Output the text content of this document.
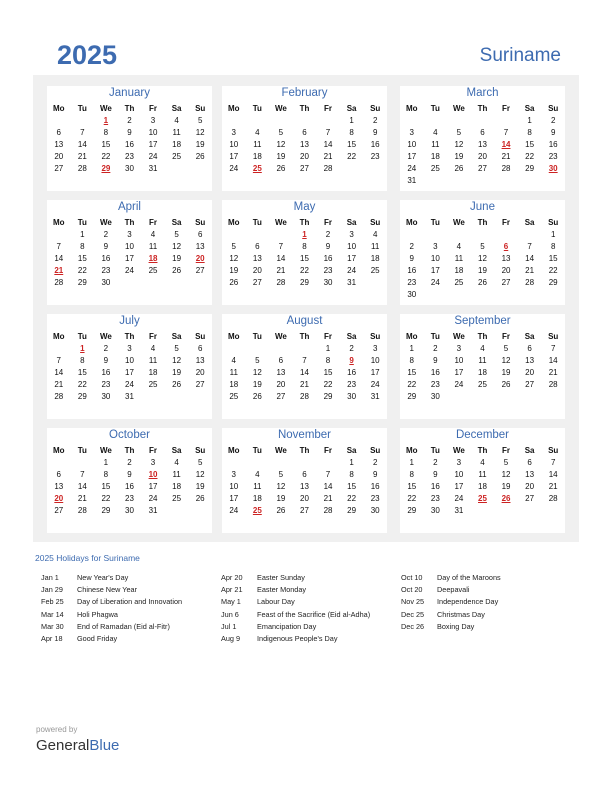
2025	Suriname
January
Mo	Tu	We	Th	Fr	Sa	Su
		1	2	3	4	5
6	7	8	9	10	11	12
13	14	15	16	17	18	19
20	21	22	23	24	25	26
27	28	29	30	31		
February
Mo	Tu	We	Th	Fr	Sa	Su
					1	2
3	4	5	6	7	8	9
10	11	12	13	14	15	16
17	18	19	20	21	22	23
24	25	26	27	28		
March
Mo	Tu	We	Th	Fr	Sa	Su
					1	2
3	4	5	6	7	8	9
10	11	12	13	14	15	16
17	18	19	20	21	22	23
24	25	26	27	28	29	30
31						
April
Mo	Tu	We	Th	Fr	Sa	Su
	1	2	3	4	5	6
7	8	9	10	11	12	13
14	15	16	17	18	19	20
21	22	23	24	25	26	27
28	29	30				
May
Mo	Tu	We	Th	Fr	Sa	Su
			1	2	3	4
5	6	7	8	9	10	11
12	13	14	15	16	17	18
19	20	21	22	23	24	25
26	27	28	29	30	31	
June
Mo	Tu	We	Th	Fr	Sa	Su
						1
2	3	4	5	6	7	8
9	10	11	12	13	14	15
16	17	18	19	20	21	22
23	24	25	26	27	28	29
30						
July
Mo	Tu	We	Th	Fr	Sa	Su
	1	2	3	4	5	6
7	8	9	10	11	12	13
14	15	16	17	18	19	20
21	22	23	24	25	26	27
28	29	30	31			
August
Mo	Tu	We	Th	Fr	Sa	Su
				1	2	3
4	5	6	7	8	9	10
11	12	13	14	15	16	17
18	19	20	21	22	23	24
25	26	27	28	29	30	31
September
Mo	Tu	We	Th	Fr	Sa	Su
1	2	3	4	5	6	7
8	9	10	11	12	13	14
15	16	17	18	19	20	21
22	23	24	25	26	27	28
29	30					
October
Mo	Tu	We	Th	Fr	Sa	Su
		1	2	3	4	5
6	7	8	9	10	11	12
13	14	15	16	17	18	19
20	21	22	23	24	25	26
27	28	29	30	31		
November
Mo	Tu	We	Th	Fr	Sa	Su
					1	2
3	4	5	6	7	8	9
10	11	12	13	14	15	16
17	18	19	20	21	22	23
24	25	26	27	28	29	30
December
Mo	Tu	We	Th	Fr	Sa	Su
1	2	3	4	5	6	7
8	9	10	11	12	13	14
15	16	17	18	19	20	21
22	23	24	25	26	27	28
29	30	31				
2025 Holidays for Suriname
Jan 1 New Year's Day
Jan 29 Chinese New Year
Feb 25 Day of Liberation and Innovation
Mar 14 Holi Phagwa
Mar 30 End of Ramadan (Eid al-Fitr)
Apr 18 Good Friday
Apr 20 Easter Sunday
Apr 21 Easter Monday
May 1 Labour Day
Jun 6 Feast of the Sacrifice (Eid al-Adha)
Jul 1	Emancipation Day
Aug 9 Indigenous People's Day
Oct 10 Day of the Maroons
Oct 20 Deepavali
Nov 25 Independence Day
Dec 25 Christmas Day
Dec 26 Boxing Day
powered by
GeneralBlue
